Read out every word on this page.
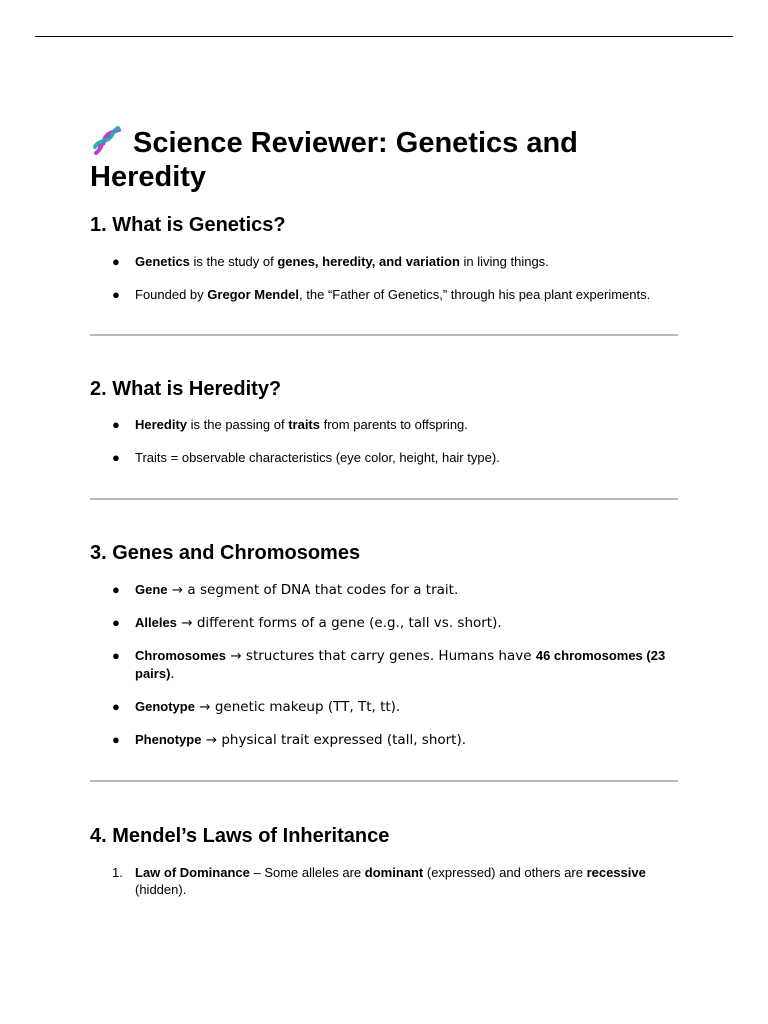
Science Reviewer: Genetics and Heredity
1. What is Genetics?
● Genetics is the study of genes, heredity, and variation in living things.
● Founded by Gregor Mendel, the “Father of Genetics,” through his pea plant experiments.
2. What is Heredity?
● Heredity is the passing of traits from parents to offspring.
● Traits = observable characteristics (eye color, height, hair type).
3. Genes and Chromosomes
● Gene → a segment of DNA that codes for a trait.
● Alleles → different forms of a gene (e.g., tall vs. short).
● Chromosomes → structures that carry genes. Humans have 46 chromosomes (23 pairs).
● Genotype → genetic makeup (TT, Tt, tt).
● Phenotype → physical trait expressed (tall, short).
4. Mendel’s Laws of Inheritance
1. Law of Dominance – Some alleles are dominant (expressed) and others are recessive (hidden).
